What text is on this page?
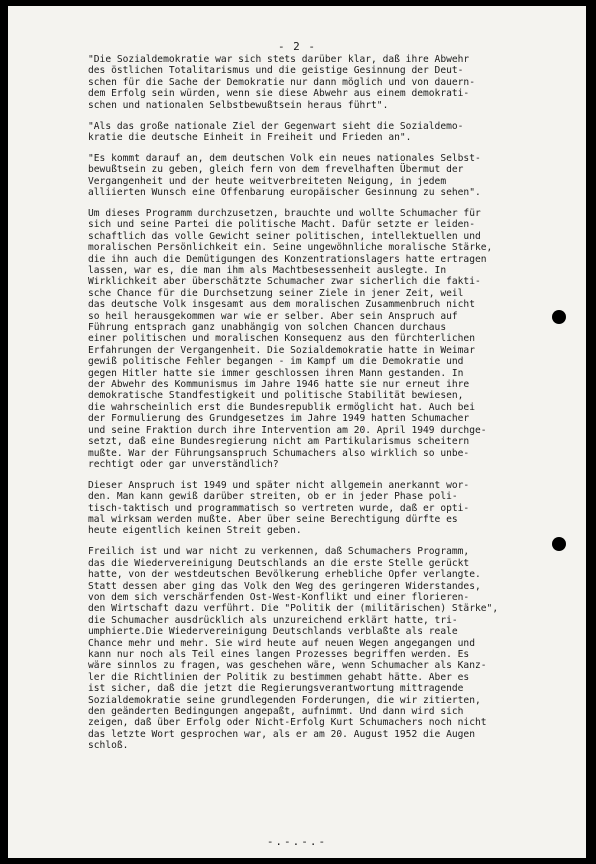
- 2 -
"Die Sozialdemokratie war sich stets darüber klar, daß ihre Abwehr
des östlichen Totalitarismus und die geistige Gesinnung der Deut-
schen für die Sache der Demokratie nur dann möglich und von dauern-
dem Erfolg sein würden, wenn sie diese Abwehr aus einem demokrati-
schen und nationalen Selbstbewußtsein heraus führt".
"Als das große nationale Ziel der Gegenwart sieht die Sozialdemo-
kratie die deutsche Einheit in Freiheit und Frieden an".
"Es kommt darauf an, dem deutschen Volk ein neues nationales Selbst-
bewußtsein zu geben, gleich fern von dem frevelhaften Übermut der
Vergangenheit und der heute weitverbreiteten Neigung, in jedem
alliierten Wunsch eine Offenbarung europäischer Gesinnung zu sehen".
Um dieses Programm durchzusetzen, brauchte und wollte Schumacher für
sich und seine Partei die politische Macht. Dafür setzte er leiden-
schaftlich das volle Gewicht seiner politischen, intellektuellen und
moralischen Persönlichkeit ein. Seine ungewöhnliche moralische Stärke,
die ihn auch die Demütigungen des Konzentrationslagers hatte ertragen
lassen, war es, die man ihm als Machtbesessenheit auslegte. In
Wirklichkeit aber überschätzte Schumacher zwar sicherlich die fakti-
sche Chance für die Durchsetzung seiner Ziele in jener Zeit, weil
das deutsche Volk insgesamt aus dem moralischen Zusammenbruch nicht
so heil herausgekommen war wie er selber. Aber sein Anspruch auf
Führung entsprach ganz unabhängig von solchen Chancen durchaus
einer politischen und moralischen Konsequenz aus den fürchterlichen
Erfahrungen der Vergangenheit. Die Sozialdemokratie hatte in Weimar
gewiß politische Fehler begangen - im Kampf um die Demokratie und
gegen Hitler hatte sie immer geschlossen ihren Mann gestanden. In
der Abwehr des Kommunismus im Jahre 1946 hatte sie nur erneut ihre
demokratische Standfestigkeit und politische Stabilität bewiesen,
die wahrscheinlich erst die Bundesrepublik ermöglicht hat. Auch bei
der Formulierung des Grundgesetzes im Jahre 1949 hatten Schumacher
und seine Fraktion durch ihre Intervention am 20. April 1949 durchge-
setzt, daß eine Bundesregierung nicht am Partikularismus scheitern
mußte. War der Führungsanspruch Schumachers also wirklich so unbe-
rechtigt oder gar unverständlich?
Dieser Anspruch ist 1949 und später nicht allgemein anerkannt wor-
den. Man kann gewiß darüber streiten, ob er in jeder Phase poli-
tisch-taktisch und programmatisch so vertreten wurde, daß er opti-
mal wirksam werden mußte. Aber über seine Berechtigung dürfte es
heute eigentlich keinen Streit geben.
Freilich ist und war nicht zu verkennen, daß Schumachers Programm,
das die Wiedervereinigung Deutschlands an die erste Stelle gerückt
hatte, von der westdeutschen Bevölkerung erhebliche Opfer verlangte.
Statt dessen aber ging das Volk den Weg des geringeren Widerstandes,
von dem sich verschärfenden Ost-West-Konflikt und einer florieren-
den Wirtschaft dazu verführt. Die "Politik der (militärischen) Stärke",
die Schumacher ausdrücklich als unzureichend erklärt hatte, tri-
umphierte.Die Wiedervereinigung Deutschlands verblaßte als reale
Chance mehr und mehr. Sie wird heute auf neuen Wegen angegangen und
kann nur noch als Teil eines langen Prozesses begriffen werden. Es
wäre sinnlos zu fragen, was geschehen wäre, wenn Schumacher als Kanz-
ler die Richtlinien der Politik zu bestimmen gehabt hätte. Aber es
ist sicher, daß die jetzt die Regierungsverantwortung mittragende
Sozialdemokratie seine grundlegenden Forderungen, die wir zitierten,
den geänderten Bedingungen angepaßt, aufnimmt. Und dann wird sich
zeigen, daß über Erfolg oder Nicht-Erfolg Kurt Schumachers noch nicht
das letzte Wort gesprochen war, als er am 20. August 1952 die Augen
schloß.
-.-.-.-
